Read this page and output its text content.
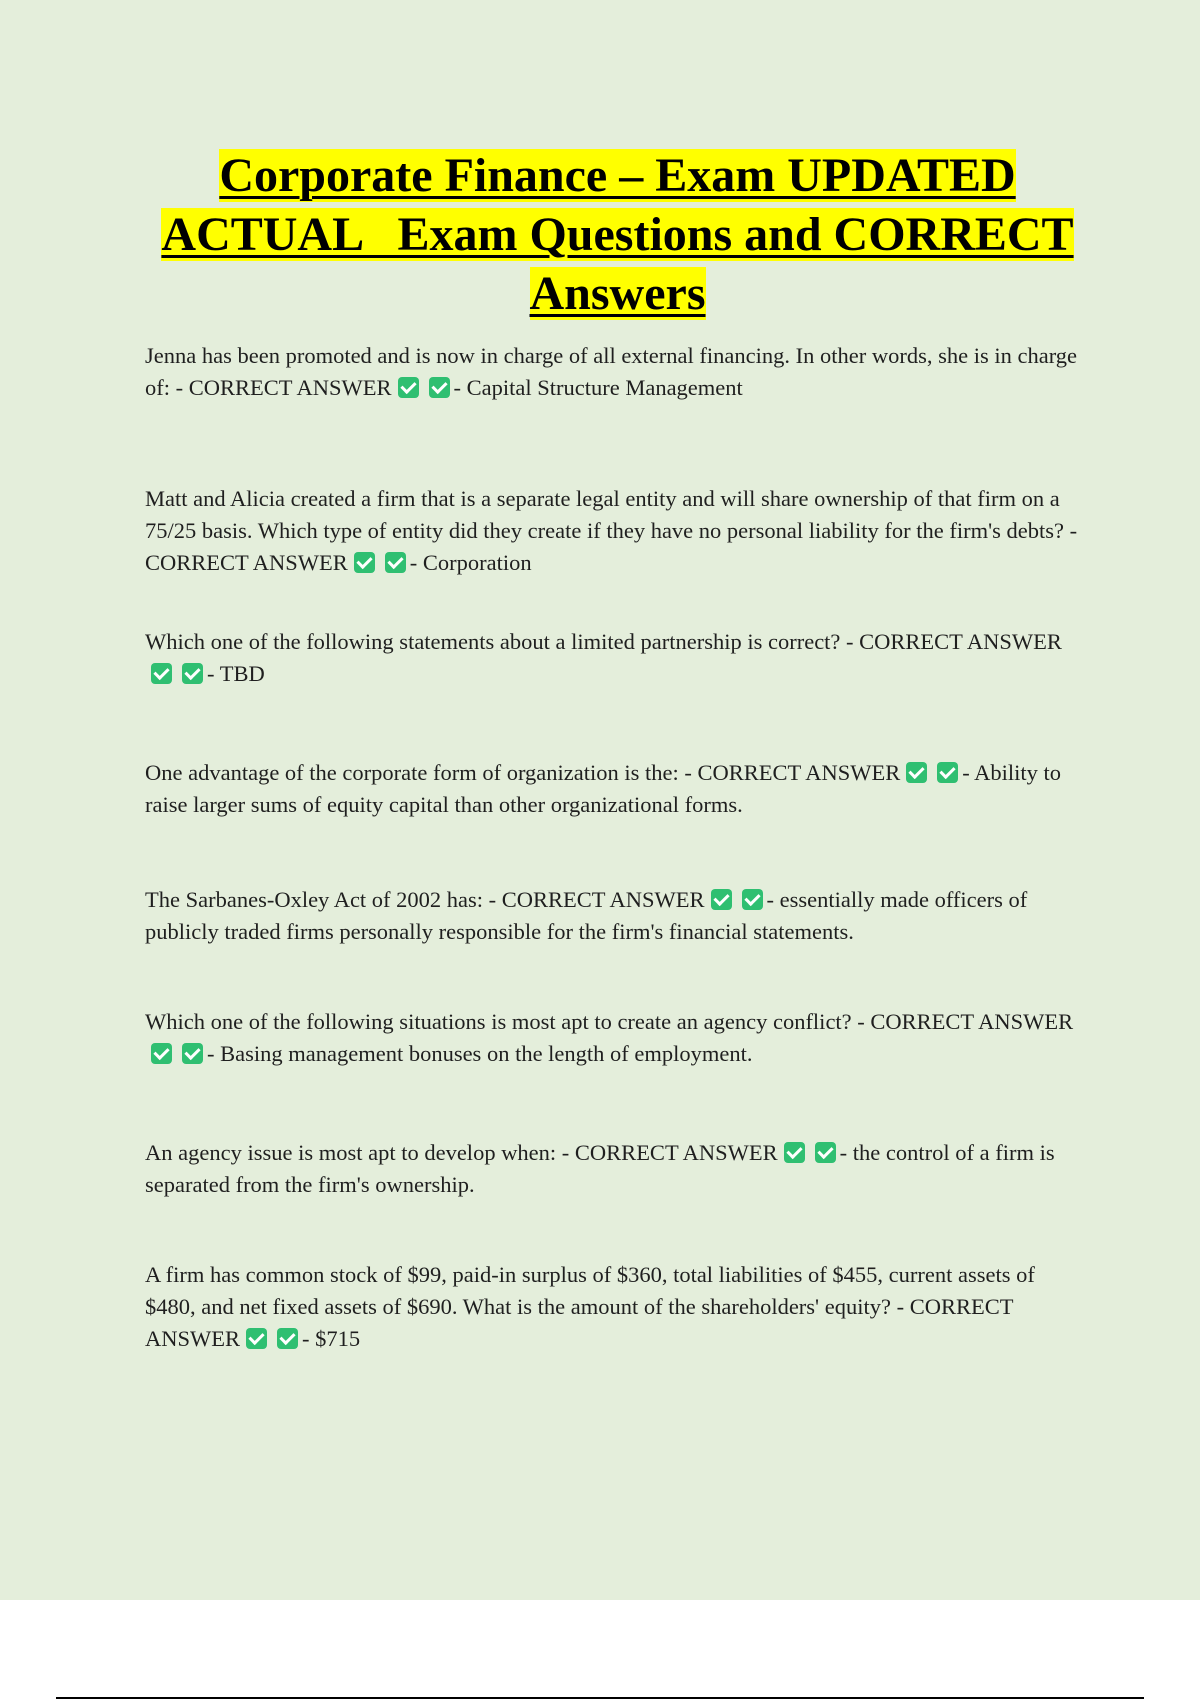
Corporate Finance – Exam UPDATED
ACTUAL   Exam Questions and CORRECT
Answers

Jenna has been promoted and is now in charge of all external financing. In other words, she is in charge of: - CORRECT ANSWER	- Capital Structure Management

Matt and Alicia created a firm that is a separate legal entity and will share ownership of that firm on a 75/25 basis. Which type of entity did they create if they have no personal liability for the firm's debts? - CORRECT ANSWER	- Corporation

Which one of the following statements about a limited partnership is correct? - CORRECT ANSWER- TBD

One advantage of the corporate form of organization is the: - CORRECT ANSWER	- Ability to raise larger sums of equity capital than other organizational forms.

The Sarbanes-Oxley Act of 2002 has: - CORRECT ANSWER	- essentially made officers of publicly traded firms personally responsible for the firm's financial statements.

Which one of the following situations is most apt to create an agency conflict? - CORRECT ANSWER- Basing management bonuses on the length of employment.

An agency issue is most apt to develop when: - CORRECT ANSWER	- the control of a firm is separated from the firm's ownership.

A firm has common stock of $99, paid-in surplus of $360, total liabilities of $455, current assets of $480, and net fixed assets of $690. What is the amount of the shareholders' equity? - CORRECT ANSWER	- $715
